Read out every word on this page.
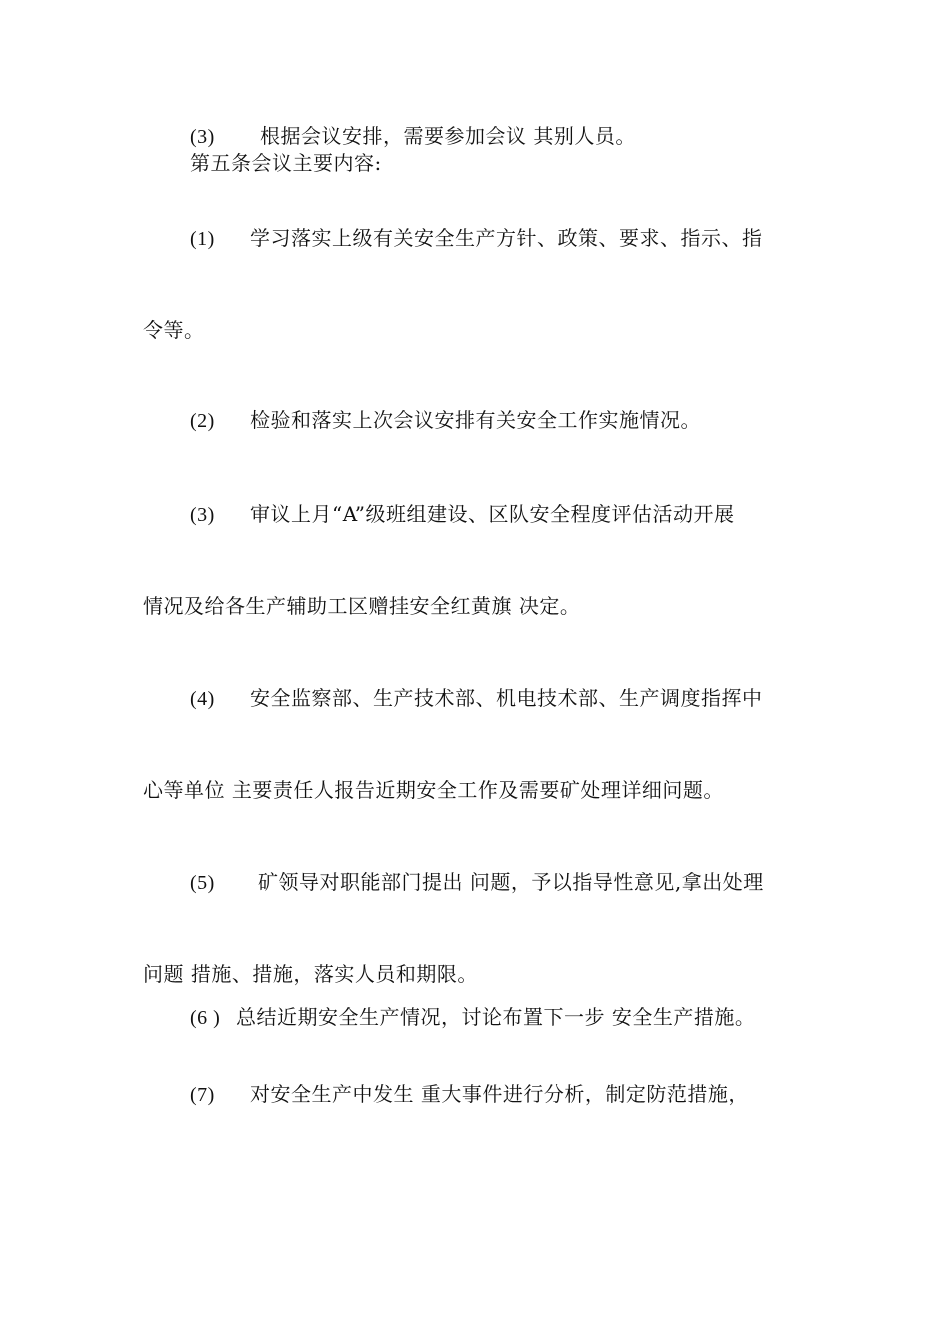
(3) 根据会议安排，需要参加会议 其别人员。
第五条会议主要内容:
(1) 学习落实上级有关安全生产方针、政策、要求、指示、指
令等。
(2) 检验和落实上次会议安排有关安全工作实施情况。
(3) 审议上月“A”级班组建设、区队安全程度评估活动开展
情况及给各生产辅助工区赠挂安全红黄旗 决定。
(4) 安全监察部、生产技术部、机电技术部、生产调度指挥中
心等单位 主要责任人报告近期安全工作及需要矿处理详细问题。
(5) 矿领导对职能部门提出 问题，予以指导性意见,拿出处理
问题 措施、措施，落实人员和期限。
(6 ) 总结近期安全生产情况，讨论布置下一步 安全生产措施。
(7) 对安全生产中发生 重大事件进行分析，制定防范措施，
